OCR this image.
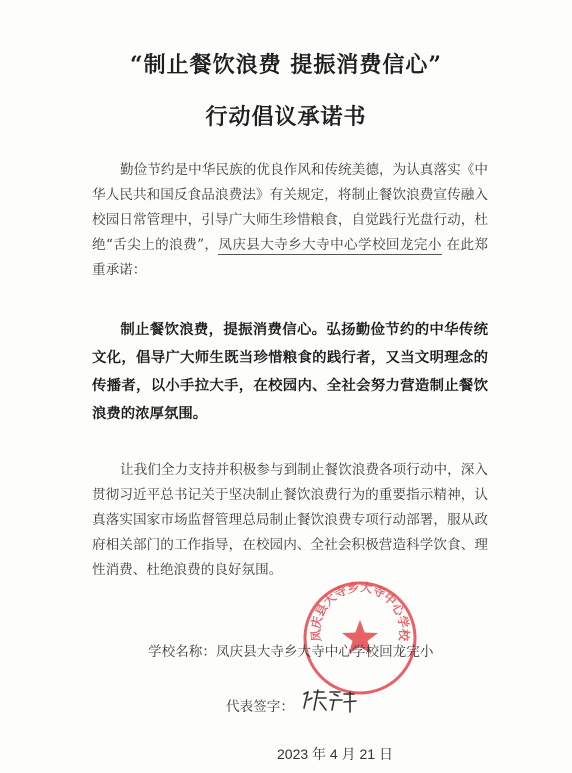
“制止餐饮浪费 提振消费信心”
行动倡议承诺书
勤俭节约是中华民族的优良作风和传统美德，为认真落实《中华人民共和国反食品浪费法》有关规定，将制止餐饮浪费宣传融入校园日常管理中，引导广大师生珍惜粮食，自觉践行光盘行动，杜绝“舌尖上的浪费”，凤庆县大寺乡大寺中心学校回龙完小 在此郑重承诺：
制止餐饮浪费，提振消费信心。弘扬勤俭节约的中华传统文化，倡导广大师生既当珍惜粮食的践行者，又当文明理念的传播者，以小手拉大手，在校园内、全社会努力营造制止餐饮浪费的浓厚氛围。
让我们全力支持并积极参与到制止餐饮浪费各项行动中，深入贯彻习近平总书记关于坚决制止餐饮浪费行为的重要指示精神，认真落实国家市场监督管理总局制止餐饮浪费专项行动部署，服从政府相关部门的工作指导，在校园内、全社会积极营造科学饮食、理性消费、杜绝浪费的良好氛围。
凤庆县大寺乡大寺中心学校
学校名称：凤庆县大寺乡大寺中心学校回龙完小
代表签字：
2023 年 4 月 21 日
